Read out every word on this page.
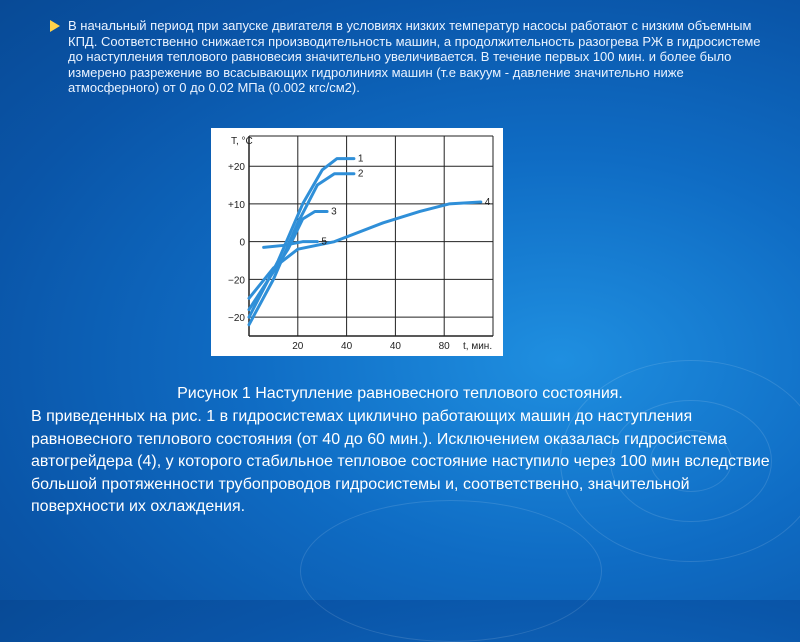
В начальный период при запуске двигателя в условиях низких температур насосы работают с низким объемным КПД. Соответственно снижается производительность машин, а продолжительность разогрева РЖ в гидросистеме до наступления теплового равновесия значительно увеличивается. В течение первых 100 мин. и более было измерено разрежение во всасывающих гидролиниях машин (т.е вакуум - давление значительно ниже атмосферного) от 0 до 0.02 МПа (0.002 кгс/см2).

T, °C
t, мин.
+20
+10
0
−20
−20
20	40	40	80
1
2
3
4
5
Рисунок 1 Наступление равновесного теплового состояния.

В приведенных на рис. 1 в гидросистемах циклично работающих машин до наступления равновесного теплового состояния (от 40 до 60 мин.). Исключением оказалась гидросистема автогрейдера (4), у которого стабильное тепловое состояние наступило через 100 мин вследствие большой протяженности трубопроводов гидросистемы и, соответственно, значительной поверхности их охлаждения.
